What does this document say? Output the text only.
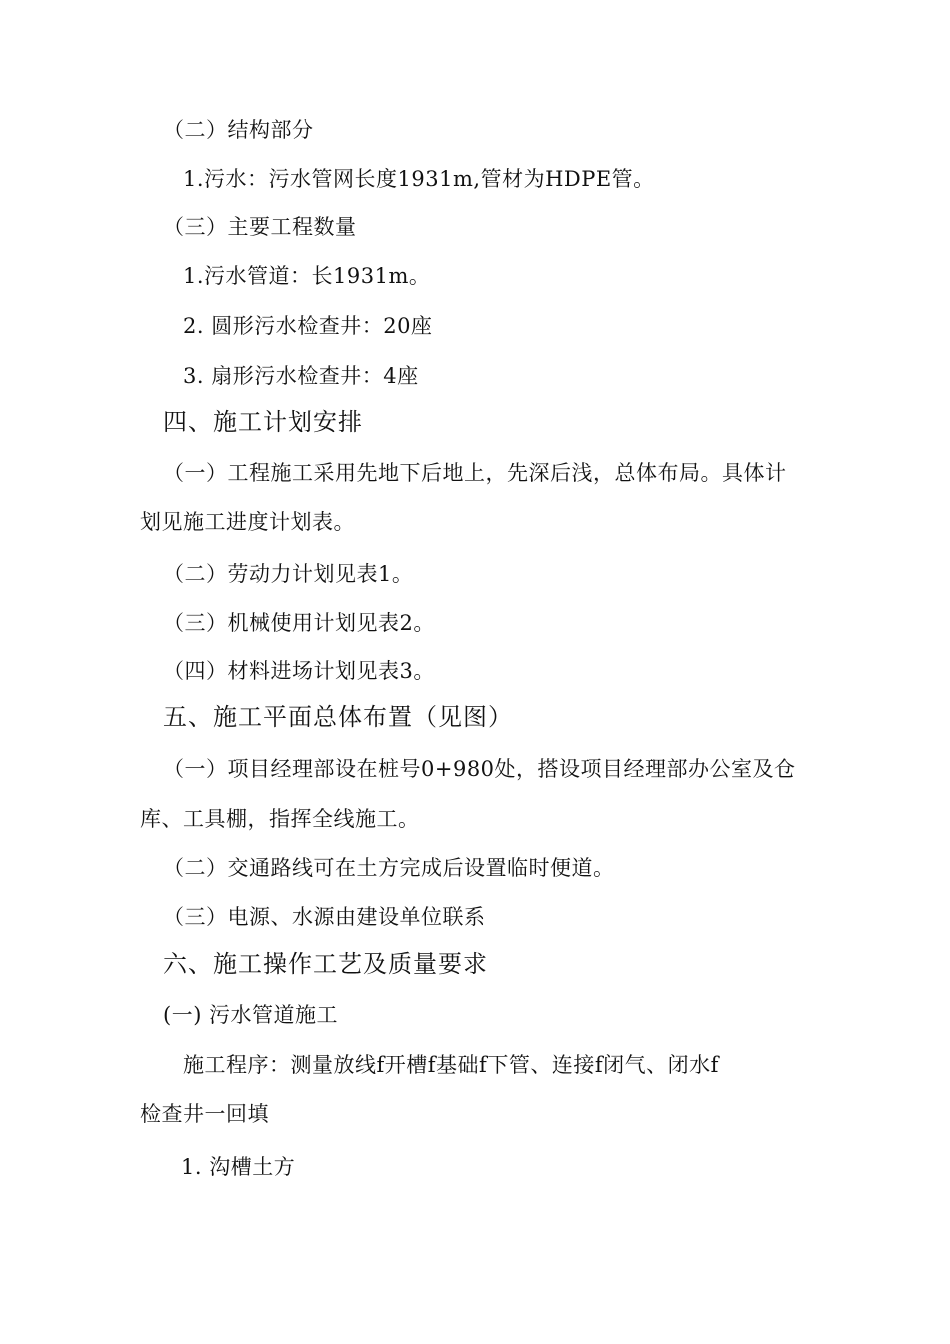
（二）结构部分
1.污水：污水管网长度1931m,管材为HDPE管。
（三）主要工程数量
1.污水管道：长1931m。
2. 圆形污水检查井：20座
3. 扇形污水检查井：4座
四、施工计划安排
（一）工程施工采用先地下后地上，先深后浅，总体布局。具体计
划见施工进度计划表。
（二）劳动力计划见表1。
（三）机械使用计划见表2。
（四）材料进场计划见表3。
五、施工平面总体布置（见图）
（一）项目经理部设在桩号0+980处，搭设项目经理部办公室及仓
库、工具棚，指挥全线施工。
（二）交通路线可在土方完成后设置临时便道。
（三）电源、水源由建设单位联系
六、施工操作工艺及质量要求
(一) 污水管道施工
施工程序：测量放线f开槽f基础f下管、连接f闭气、闭水f
检查井一回填
1. 沟槽土方
